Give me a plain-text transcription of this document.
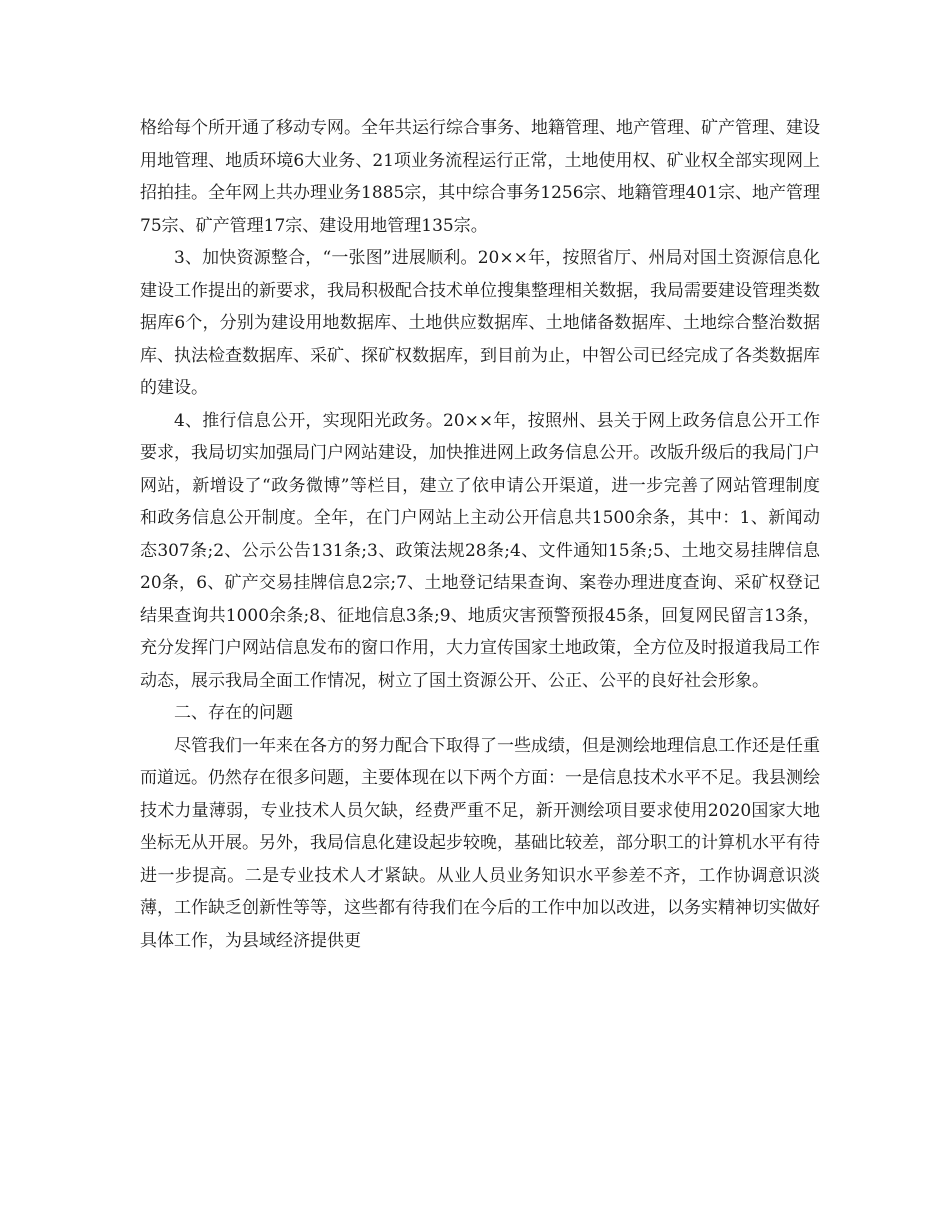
格给每个所开通了移动专网。全年共运行综合事务、地籍管理、地产管理、矿产管理、建设用地管理、地质环境6大业务、21项业务流程运行正常，土地使用权、矿业权全部实现网上招拍挂。全年网上共办理业务1885宗，其中综合事务1256宗、地籍管理401宗、地产管理75宗、矿产管理17宗、建设用地管理135宗。

3、加快资源整合，“一张图”进展顺利。20××年，按照省厅、州局对国土资源信息化建设工作提出的新要求，我局积极配合技术单位搜集整理相关数据，我局需要建设管理类数据库6个，分别为建设用地数据库、土地供应数据库、土地储备数据库、土地综合整治数据库、执法检查数据库、采矿、探矿权数据库，到目前为止，中智公司已经完成了各类数据库的建设。

4、推行信息公开，实现阳光政务。20××年，按照州、县关于网上政务信息公开工作要求，我局切实加强局门户网站建设，加快推进网上政务信息公开。改版升级后的我局门户网站，新增设了“政务微博”等栏目，建立了依申请公开渠道，进一步完善了网站管理制度和政务信息公开制度。全年，在门户网站上主动公开信息共1500余条，其中：1、新闻动态307条;2、公示公告131条;3、政策法规28条;4、文件通知15条;5、土地交易挂牌信息20条，6、矿产交易挂牌信息2宗;7、土地登记结果查询、案卷办理进度查询、采矿权登记结果查询共1000余条;8、征地信息3条;9、地质灾害预警预报45条，回复网民留言13条，充分发挥门户网站信息发布的窗口作用，大力宣传国家土地政策，全方位及时报道我局工作动态，展示我局全面工作情况，树立了国土资源公开、公正、公平的良好社会形象。

二、存在的问题

尽管我们一年来在各方的努力配合下取得了一些成绩，但是测绘地理信息工作还是任重而道远。仍然存在很多问题，主要体现在以下两个方面：一是信息技术水平不足。我县测绘技术力量薄弱，专业技术人员欠缺，经费严重不足，新开测绘项目要求使用2020国家大地坐标无从开展。另外，我局信息化建设起步较晚，基础比较差，部分职工的计算机水平有待进一步提高。二是专业技术人才紧缺。从业人员业务知识水平参差不齐，工作协调意识淡薄，工作缺乏创新性等等，这些都有待我们在今后的工作中加以改进，以务实精神切实做好具体工作，为县域经济提供更
